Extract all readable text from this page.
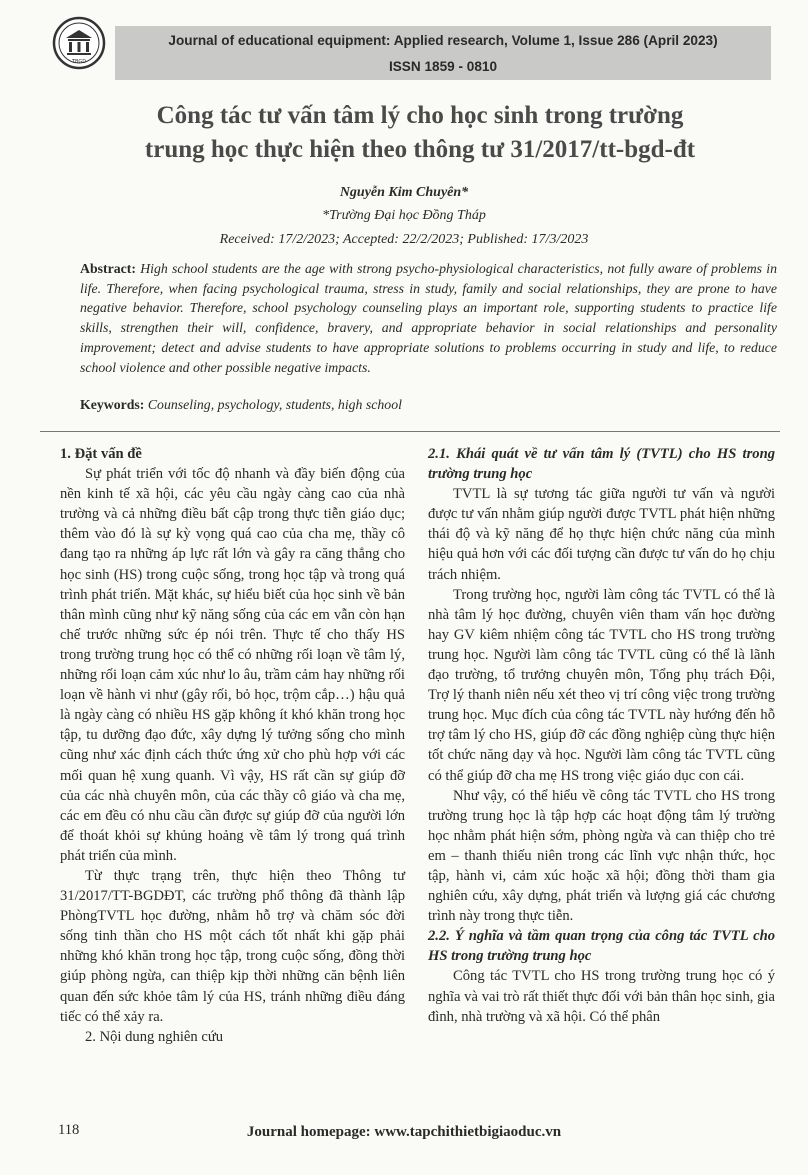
TBGD
Journal of educational equipment: Applied research, Volume 1, Issue 286 (April 2023)
ISSN 1859 - 0810
Công tác tư vấn tâm lý cho học sinh trong trường
trung học thực hiện theo thông tư 31/2017/tt-bgd-đt
Nguyễn Kim Chuyên*
*Trường Đại học Đồng Tháp
Received: 17/2/2023; Accepted: 22/2/2023; Published: 17/3/2023
Abstract: High school students are the age with strong psycho-physiological characteristics, not fully aware of problems in life. Therefore, when facing psychological trauma, stress in study, family and social relationships, they are prone to have negative behavior. Therefore, school psychology counseling plays an important role, supporting students to practice life skills, strengthen their will, confidence, bravery, and appropriate behavior in social relationships and personality improvement; detect and advise students to have appropriate solutions to problems occurring in study and life, to reduce school violence and other possible negative impacts.
Keywords: Counseling, psychology, students, high school
1. Đặt vấn đề

Sự phát triển với tốc độ nhanh và đầy biến động của nền kinh tế xã hội, các yêu cầu ngày càng cao của nhà trường và cả những điều bất cập trong thực tiễn giáo dục; thêm vào đó là sự kỳ vọng quá cao của cha mẹ, thầy cô đang tạo ra những áp lực rất lớn và gây ra căng thẳng cho học sinh (HS) trong cuộc sống, trong học tập và trong quá trình phát triển. Mặt khác, sự hiểu biết của học sinh về bản thân mình cũng như kỹ năng sống của các em vẫn còn hạn chế trước những sức ép nói trên. Thực tế cho thấy HS trong trường trung học có thể có những rối loạn về tâm lý, những rối loạn cảm xúc như lo âu, trầm cảm hay những rối loạn về hành vi như (gây rối, bỏ học, trộm cắp…) hậu quả là ngày càng có nhiều HS gặp không ít khó khăn trong học tập, tu dưỡng đạo đức, xây dựng lý tưởng sống cho mình cũng như xác định cách thức ứng xử cho phù hợp với các mối quan hệ xung quanh. Vì vậy, HS rất cần sự giúp đỡ của các nhà chuyên môn, của các thầy cô giáo và cha mẹ, các em đều có nhu cầu cần được sự giúp đỡ của người lớn để thoát khỏi sự khủng hoảng về tâm lý trong quá trình phát triển của mình.

Từ thực trạng trên, thực hiện theo Thông tư 31/2017/TT-BGDĐT, các trường phổ thông đã thành lập PhòngTVTL học đường, nhằm hỗ trợ và chăm sóc đời sống tinh thần cho HS một cách tốt nhất khi gặp phải những khó khăn trong học tập, trong cuộc sống, đồng thời giúp phòng ngừa, can thiệp kịp thời những căn bệnh liên quan đến sức khỏe tâm lý của HS, tránh những điều đáng tiếc có thể xảy ra.

2. Nội dung nghiên cứu

2.1. Khái quát về tư vấn tâm lý (TVTL) cho HS trong trường trung học

TVTL là sự tương tác giữa người tư vấn và người được tư vấn nhằm giúp người được TVTL phát hiện những thái độ và kỹ năng để họ thực hiện chức năng của mình hiệu quả hơn với các đối tượng cần được tư vấn do họ chịu trách nhiệm.

Trong trường học, người làm công tác TVTL có thể là nhà tâm lý học đường, chuyên viên tham vấn học đường hay GV kiêm nhiệm công tác TVTL cho HS trong trường trung học. Người làm công tác TVTL cũng có thể là lãnh đạo trường, tổ trưởng chuyên môn, Tổng phụ trách Đội, Trợ lý thanh niên nếu xét theo vị trí công việc trong trường trung học. Mục đích của công tác TVTL này hướng đến hỗ trợ tâm lý cho HS, giúp đỡ các đồng nghiệp cùng thực hiện tốt chức năng dạy và học. Người làm công tác TVTL cũng có thể giúp đỡ cha mẹ HS trong việc giáo dục con cái.

Như vậy, có thể hiểu về công tác TVTL cho HS trong trường trung học là tập hợp các hoạt động tâm lý trường học nhằm phát hiện sớm, phòng ngừa và can thiệp cho trẻ em – thanh thiếu niên trong các lĩnh vực nhận thức, học tập, hành vi, cảm xúc hoặc xã hội; đồng thời tham gia nghiên cứu, xây dựng, phát triển và lượng giá các chương trình này trong thực tiễn.

2.2. Ý nghĩa và tầm quan trọng của công tác TVTL cho HS trong trường trung học

Công tác TVTL cho HS trong trường trung học có ý nghĩa và vai trò rất thiết thực đối với bản thân học sinh, gia đình, nhà trường và xã hội. Có thể phân

118	Journal homepage: www.tapchithietbigiaoduc.vn
